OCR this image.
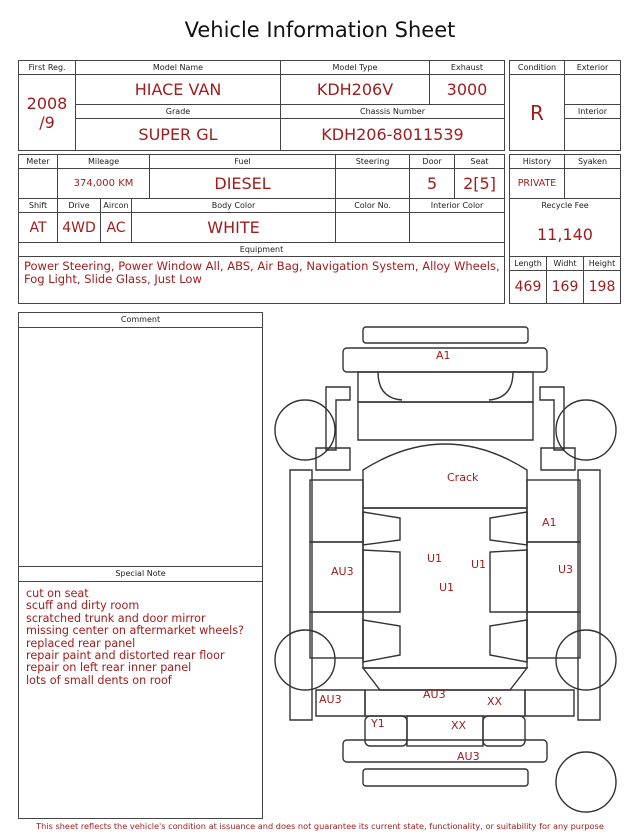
Vehicle Information Sheet
First Reg.	Model Name	Model Type	Exhaust

2008
/9	HIACE VAN	KDH206V	3000
	Grade	Chassis Number	
	SUPER GL	KDH206-8011539	
Condition	Exterior
R	
	Interior

Meter	Mileage			Fuel	Steering	Door	Seat
	374,000 KM			DIESEL		5	2[5]
Shift	Drive	Aircon	Body Color		Color No.	Interior Color	
AT	4WD	AC	WHITE				
Equipment							

Power Steering, Power Window All, ABS, Air Bag, Navigation System, Alloy Wheels, Fog Light, Slide Glass, Just Low							
History		Syaken	
PRIVATE			
Recycle Fee			
11,140			
Length	Widht		Height
469	169		198
Comment
Special Note
cut on seat
scuff and dirty room
scratched trunk and door mirror
missing center on aftermarket wheels?
replaced rear panel
repair paint and distorted rear floor
repair on left rear inner panel
lots of small dents on roof
A1
Crack
A1
AU3	U3
U1	U1
U1
AU3	AU3
XX
Y1	XX
AU3
This sheet reflects the vehicle's condition at issuance and does not guarantee its current state, functionality, or suitability for any purpose
